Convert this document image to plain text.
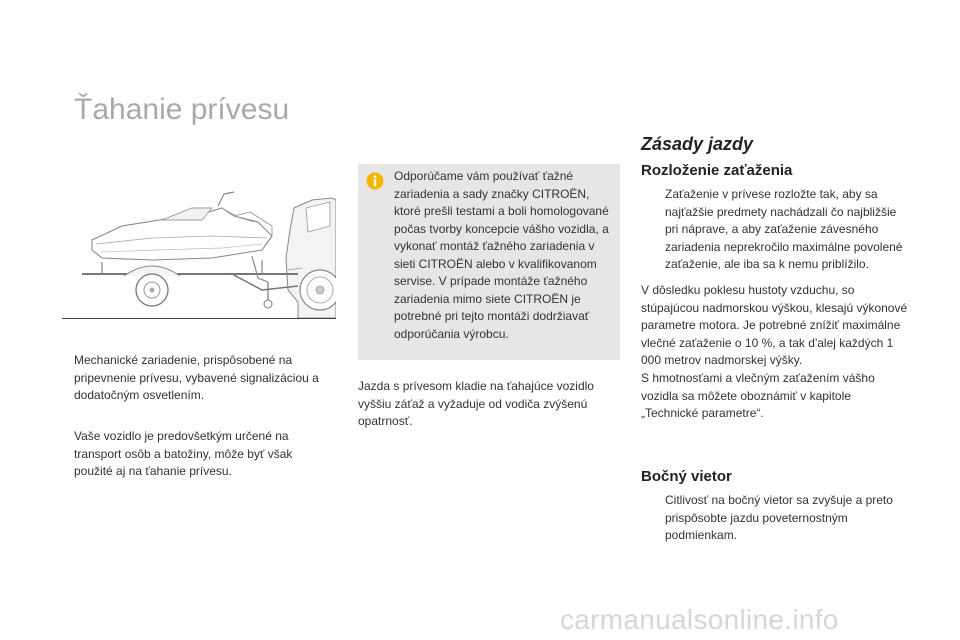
Ťahanie prívesu

Mechanické zariadenie, prispôsobené na pripevnenie prívesu, vybavené signalizáciou a dodatočným osvetlením.

Vaše vozidlo je predovšetkým určené na transport osôb a batožiny, môže byť však použité aj na ťahanie prívesu.

Odporúčame vám používať ťažné zariadenia a sady značky CITROËN, ktoré prešli testami a boli homologované počas tvorby koncepcie vášho vozidla, a vykonať montáž ťažného zariadenia v sieti CITROËN alebo v kvalifikovanom servise. V prípade montáže ťažného zariadenia mimo siete CITROËN je potrebné pri tejto montáži dodržiavať odporúčania výrobcu.

Jazda s prívesom kladie na ťahajúce vozidlo vyššiu záťaž a vyžaduje od vodiča zvýšenú opatrnosť.

Zásady jazdy
Rozloženie zaťaženia
Zaťaženie v prívese rozložte tak, aby sa najťažšie predmety nachádzali čo najbližšie pri náprave, a aby zaťaženie závesného zariadenia neprekročilo maximálne povolené zaťaženie, ale iba sa k nemu priblížilo.

V dôsledku poklesu hustoty vzduchu, so stúpajúcou nadmorskou výškou, klesajú výkonové parametre motora. Je potrebné znížiť maximálne vlečné zaťaženie o 10 %, a tak d'alej každých 1 000 metrov nadmorskej výšky.

S hmotnosťami a vlečným zaťažením vášho vozidla sa môžete oboznámiť v kapitole „Technické parametre“.

Bočný vietor
Citlivosť na bočný vietor sa zvyšuje a preto prispôsobte jazdu poveternostným podmienkam.
carmanualsonline.info
